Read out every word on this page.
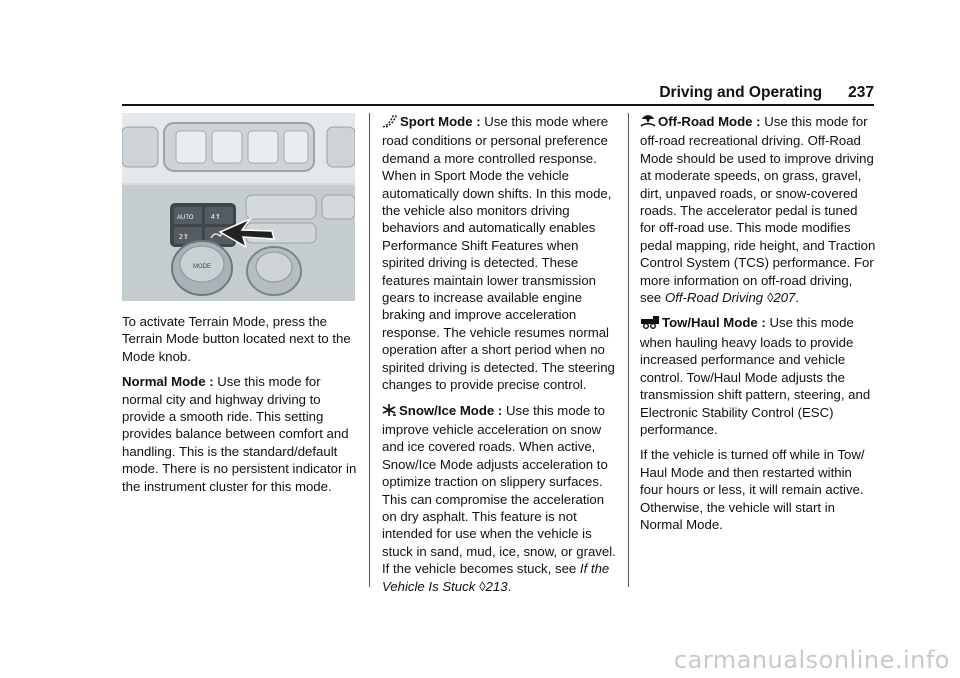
Driving and Operating 237
AUTO 4⇑
2⇑
MODE

To activate Terrain Mode, press the Terrain Mode button located next to the Mode knob.

Normal Mode : Use this mode for normal city and highway driving to provide a smooth ride. This setting provides balance between comfort and handling. This is the standard/default mode. There is no persistent indicator in the instrument cluster for this mode.

Sport Mode : Use this mode where road conditions or personal preference demand a more controlled response. When in Sport Mode the vehicle automatically down shifts. In this mode, the vehicle also monitors driving behaviors and automatically enables Performance Shift Features when spirited driving is detected. These features maintain lower transmission gears to increase available engine braking and improve acceleration response. The vehicle resumes normal operation after a short period when no spirited driving is detected. The steering changes to provide precise control.

Snow/Ice Mode : Use this mode to improve vehicle acceleration on snow and ice covered roads. When active, Snow/Ice Mode adjusts acceleration to optimize traction on slippery surfaces. This can compromise the acceleration on dry asphalt. This feature is not intended for use when the vehicle is stuck in sand, mud, ice, snow, or gravel. If the vehicle becomes stuck, see If the Vehicle Is Stuck ◊213.

Off-Road Mode : Use this mode for off-road recreational driving. Off-Road Mode should be used to improve driving at moderate speeds, on grass, gravel, dirt, unpaved roads, or snow-covered roads. The accelerator pedal is tuned for off-road use. This mode modifies pedal mapping, ride height, and Traction Control System (TCS) performance. For more information on off-road driving, see Off-Road Driving ◊207.

Tow/Haul Mode : Use this mode when hauling heavy loads to provide increased performance and vehicle control. Tow/Haul Mode adjusts the transmission shift pattern, steering, and Electronic Stability Control (ESC) performance.

If the vehicle is turned off while in Tow/ Haul Mode and then restarted within four hours or less, it will remain active. Otherwise, the vehicle will start in Normal Mode.

carmanualsonline.info
